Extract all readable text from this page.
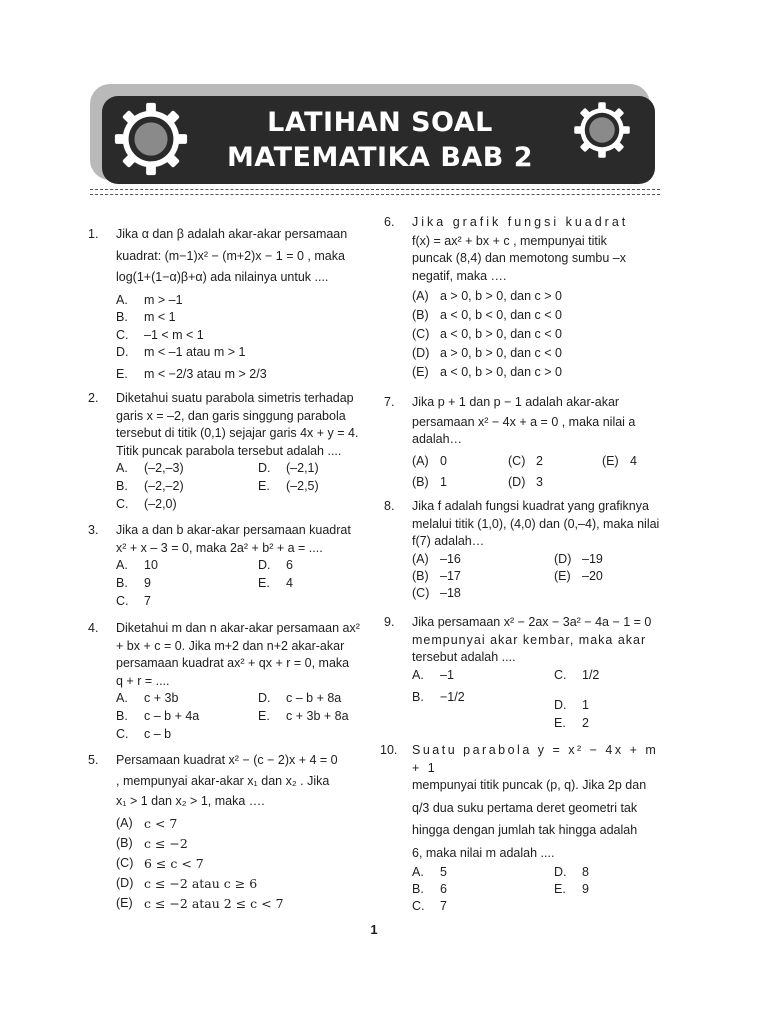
LATIHAN SOAL
MATEMATIKA BAB 2
1.	Jika α dan β adalah akar-akar persamaan

kuadrat: (m−1)x² − (m+2)x − 1 = 0 , maka

log(1+(1−α)β+α) ada nilainya untuk ....

A. m > –1
B. m < 1
C. –1 < m < 1
D. m < –1 atau m > 1
E. m < −2/3 atau m > 2/3
2.	Diketahui suatu parabola simetris terhadap

garis x = –2, dan garis singgung parabola

tersebut di titik (0,1) sejajar garis 4x + y = 4.

Titik puncak parabola tersebut adalah ....

A. (–2,–3)	D. (–2,1)
B. (–2,–2)	E. (–2,5)
C. (–2,0)
3.	Jika a dan b akar-akar persamaan kuadrat

x² + x – 3 = 0, maka 2a² + b² + a = ....

A. 10	D. 6
B. 9	E. 4
C. 7
4.	Diketahui m dan n akar-akar persamaan ax²

+ bx + c = 0. Jika m+2 dan n+2 akar-akar

persamaan kuadrat ax² + qx + r = 0, maka

q + r = ....

A. c + 3b	D. c – b + 8a
B. c – b + 4a	E. c + 3b + 8a
C. c – b
5.	Persamaan kuadrat x² − (c − 2)x + 4 = 0

, mempunyai akar-akar x₁ dan x₂ . Jika

x₁ > 1 dan x₂ > 1, maka ….

(A) c < 7
(B) c ≤ −2
(C) 6 ≤ c < 7
(D) c ≤ −2 atau c ≥ 6
(E) c ≤ −2 atau 2 ≤ c < 7
6.	Jika grafik fungsi kuadrat

f(x) = ax² + bx + c , mempunyai titik

puncak (8,4) dan memotong sumbu –x

negatif, maka ….

(A) a > 0, b > 0, dan c > 0
(B) a < 0, b < 0, dan c < 0
(C) a < 0, b > 0, dan c < 0
(D) a > 0, b > 0, dan c < 0
(E) a < 0, b > 0, dan c > 0
7.	Jika p + 1 dan p − 1 adalah akar-akar

persamaan x² − 4x + a = 0 , maka nilai a

adalah…

(A) 0	(C) 2	(E) 4
(B) 1	(D) 3
8.	Jika f adalah fungsi kuadrat yang grafiknya

melalui titik (1,0), (4,0) dan (0,–4), maka nilai

f(7) adalah…

(A) –16	(D) –19
(B) –17	(E) –20
(C) –18
9.	Jika persamaan x² − 2ax − 3a² − 4a − 1 = 0

mempunyai akar kembar, maka akar

tersebut adalah ....

A. –1	C. 1/2
B. −1/2
D. 1
E. 2
10.	Suatu parabola y = x² − 4x + m + 1

mempunyai titik puncak (p, q). Jika 2p dan

q/3 dua suku pertama deret geometri tak

hingga dengan jumlah tak hingga adalah

6, maka nilai m adalah ....

A. 5	D. 8
B. 6	E. 9
C. 7
1
